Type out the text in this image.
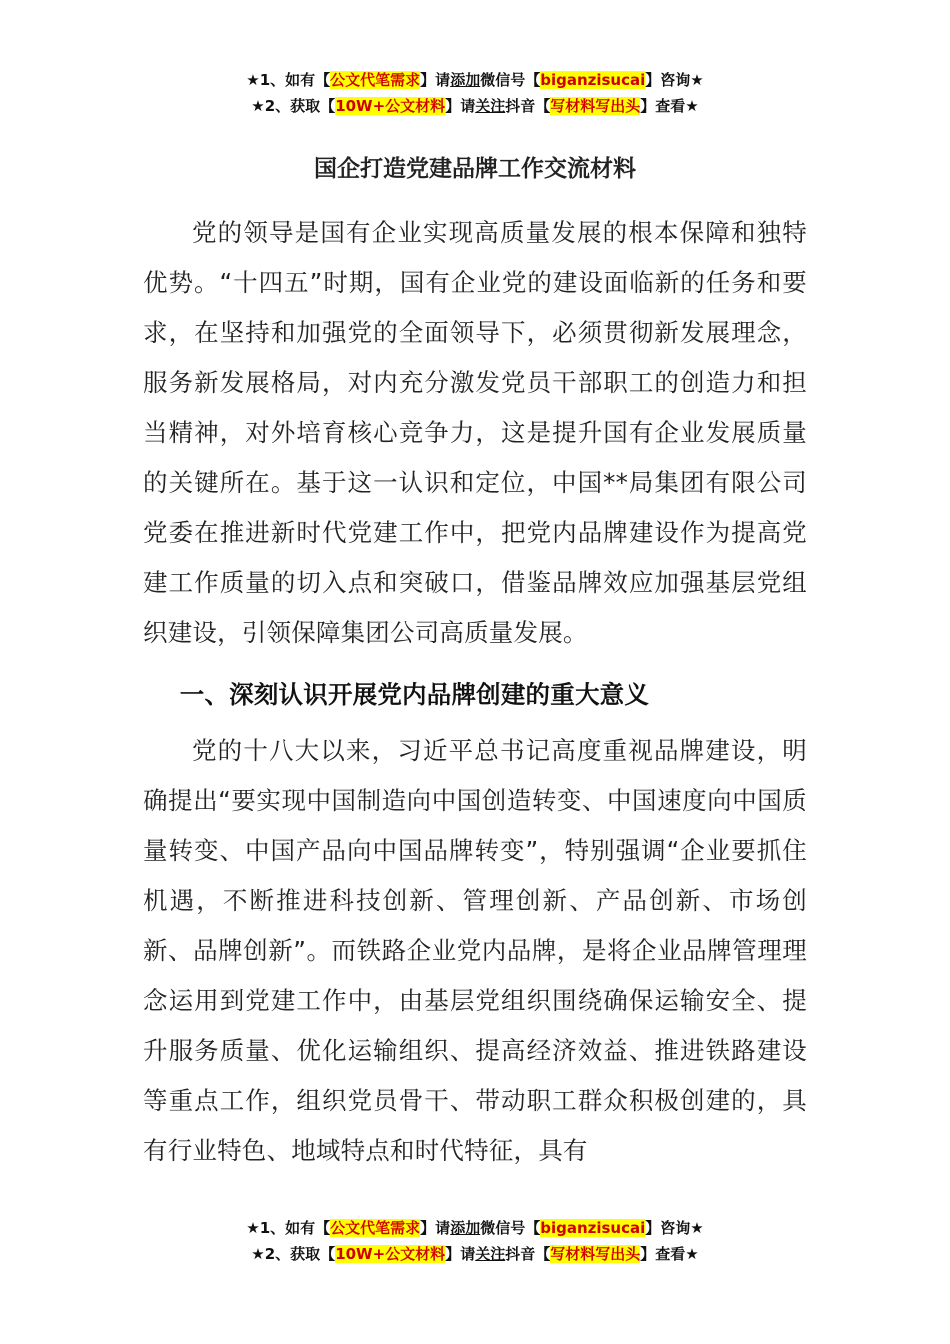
★1、如有【公文代笔需求】请添加微信号【biganzisucai】咨询★
★2、获取【10W+公文材料】请关注抖音【写材料写出头】查看★
国企打造党建品牌工作交流材料

党的领导是国有企业实现高质量发展的根本保障和独特优势。“十四五”时期，国有企业党的建设面临新的任务和要求，在坚持和加强党的全面领导下，必须贯彻新发展理念，服务新发展格局，对内充分激发党员干部职工的创造力和担当精神，对外培育核心竞争力，这是提升国有企业发展质量的关键所在。基于这一认识和定位，中国**局集团有限公司党委在推进新时代党建工作中，把党内品牌建设作为提高党建工作质量的切入点和突破口，借鉴品牌效应加强基层党组织建设，引领保障集团公司高质量发展。

一、深刻认识开展党内品牌创建的重大意义

党的十八大以来，习近平总书记高度重视品牌建设，明确提出“要实现中国制造向中国创造转变、中国速度向中国质量转变、中国产品向中国品牌转变”，特别强调“企业要抓住机遇，不断推进科技创新、管理创新、产品创新、市场创新、品牌创新”。而铁路企业党内品牌，是将企业品牌管理理念运用到党建工作中，由基层党组织围绕确保运输安全、提升服务质量、优化运输组织、提高经济效益、推进铁路建设等重点工作，组织党员骨干、带动职工群众积极创建的，具有行业特色、地域特点和时代特征，具有

★1、如有【公文代笔需求】请添加微信号【biganzisucai】咨询★
★2、获取【10W+公文材料】请关注抖音【写材料写出头】查看★
